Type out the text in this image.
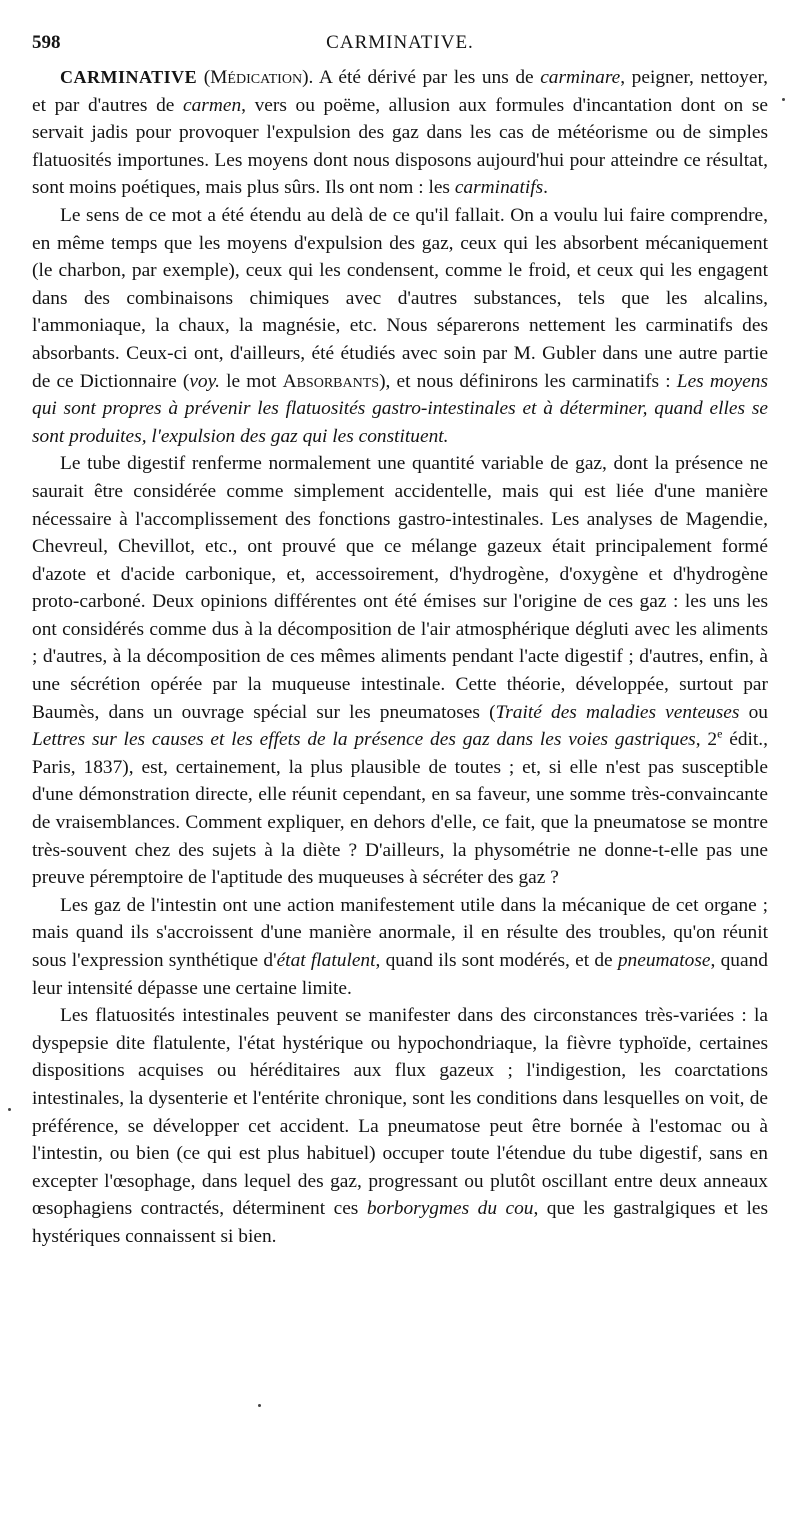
598	CARMINATIVE.

CARMINATIVE (Médication). A été dérivé par les uns de carminare, peigner, nettoyer, et par d'autres de carmen, vers ou poëme, allusion aux formules d'incantation dont on se servait jadis pour provoquer l'expulsion des gaz dans les cas de météorisme ou de simples flatuosités importunes. Les moyens dont nous disposons aujourd'hui pour atteindre ce résultat, sont moins poétiques, mais plus sûrs. Ils ont nom : les carminatifs.

Le sens de ce mot a été étendu au delà de ce qu'il fallait. On a voulu lui faire comprendre, en même temps que les moyens d'expulsion des gaz, ceux qui les absorbent mécaniquement (le charbon, par exemple), ceux qui les condensent, comme le froid, et ceux qui les engagent dans des combinaisons chimiques avec d'autres substances, tels que les alcalins, l'ammoniaque, la chaux, la magnésie, etc. Nous séparerons nettement les carminatifs des absorbants. Ceux-ci ont, d'ailleurs, été étudiés avec soin par M. Gubler dans une autre partie de ce Dictionnaire (voy. le mot Absorbants), et nous définirons les carminatifs : Les moyens qui sont propres à prévenir les flatuosités gastro-intestinales et à déterminer, quand elles se sont produites, l'expulsion des gaz qui les constituent.

Le tube digestif renferme normalement une quantité variable de gaz, dont la présence ne saurait être considérée comme simplement accidentelle, mais qui est liée d'une manière nécessaire à l'accomplissement des fonctions gastro-intestinales. Les analyses de Magendie, Chevreul, Chevillot, etc., ont prouvé que ce mélange gazeux était principalement formé d'azote et d'acide carbonique, et, accessoirement, d'hydrogène, d'oxygène et d'hydrogène proto-carboné. Deux opinions différentes ont été émises sur l'origine de ces gaz : les uns les ont considérés comme dus à la décomposition de l'air atmosphérique dégluti avec les aliments ; d'autres, à la décomposition de ces mêmes aliments pendant l'acte digestif ; d'autres, enfin, à une sécrétion opérée par la muqueuse intestinale. Cette théorie, développée, surtout par Baumès, dans un ouvrage spécial sur les pneumatoses (Traité des maladies venteuses ou Lettres sur les causes et les effets de la présence des gaz dans les voies gastriques, 2e édit., Paris, 1837), est, certainement, la plus plausible de toutes ; et, si elle n'est pas susceptible d'une démonstration directe, elle réunit cependant, en sa faveur, une somme très-convaincante de vraisemblances. Comment expliquer, en dehors d'elle, ce fait, que la pneumatose se montre très-souvent chez des sujets à la diète ? D'ailleurs, la physométrie ne donne-t-elle pas une preuve péremptoire de l'aptitude des muqueuses à sécréter des gaz ?

Les gaz de l'intestin ont une action manifestement utile dans la mécanique de cet organe ; mais quand ils s'accroissent d'une manière anormale, il en résulte des troubles, qu'on réunit sous l'expression synthétique d'état flatulent, quand ils sont modérés, et de pneumatose, quand leur intensité dépasse une certaine limite.

Les flatuosités intestinales peuvent se manifester dans des circonstances très-variées : la dyspepsie dite flatulente, l'état hystérique ou hypochondriaque, la fièvre typhoïde, certaines dispositions acquises ou héréditaires aux flux gazeux ; l'indigestion, les coarctations intestinales, la dysenterie et l'entérite chronique, sont les conditions dans lesquelles on voit, de préférence, se développer cet accident. La pneumatose peut être bornée à l'estomac ou à l'intestin, ou bien (ce qui est plus habituel) occuper toute l'étendue du tube digestif, sans en excepter l'œsophage, dans lequel des gaz, progressant ou plutôt oscillant entre deux anneaux œsophagiens contractés, déterminent ces borborygmes du cou, que les gastralgiques et les hystériques connaissent si bien.
